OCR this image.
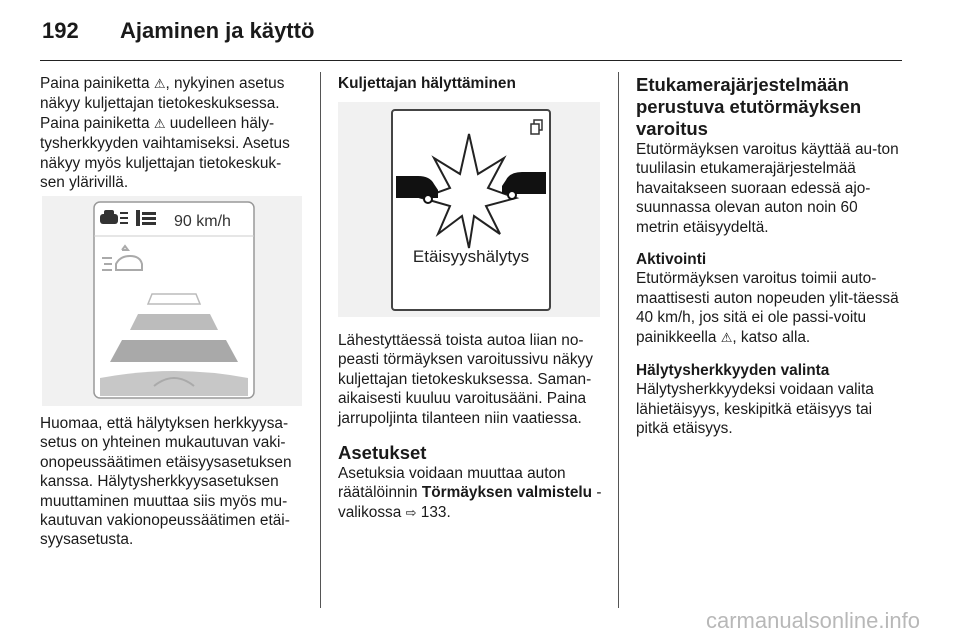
192 Ajaminen ja käyttö

Paina painiketta ⚠, nykyinen asetus näkyy kuljettajan tietokeskuksessa. Paina painiketta ⚠ uudelleen häly-tysherkkyyden vaihtamiseksi. Asetus näkyy myös kuljettajan tietokeskuk-sen ylärivillä.

90 km/h

Huomaa, että hälytyksen herkkyysa-setus on yhteinen mukautuvan vaki-onopeussäätimen etäisyysasetuksen kanssa. Hälytysherkkyysasetuksen muuttaminen muuttaa siis myös mu-kautuvan vakionopeussäätimen etäi-syysasetusta.

Kuljettajan hälyttäminen
Etäisyyshälytys

Lähestyttäessä toista autoa liian no-peasti törmäyksen varoitussivu näkyy kuljettajan tietokeskuksessa. Saman-aikaisesti kuuluu varoitusääni. Paina jarrupoljinta tilanteen niin vaatiessa.

Asetukset

Asetuksia voidaan muuttaa auton räätälöinnin Törmäyksen valmistelu -valikossa ⇨ 133.

Etukamerajärjestelmään perustuva etutörmäyksen varoitus

Etutörmäyksen varoitus käyttää au-ton tuulilasin etukamerajärjestelmää havaitakseen suoraan edessä ajo-suunnassa olevan auton noin 60 metrin etäisyydeltä.

Aktivointi

Etutörmäyksen varoitus toimii auto-maattisesti auton nopeuden ylit-täessä 40 km/h, jos sitä ei ole passi-voitu painikkeella ⚠, katso alla.

Hälytysherkkyyden valinta

Hälytysherkkyydeksi voidaan valita lähietäisyys, keskipitkä etäisyys tai pitkä etäisyys.

carmanualsonline.info
